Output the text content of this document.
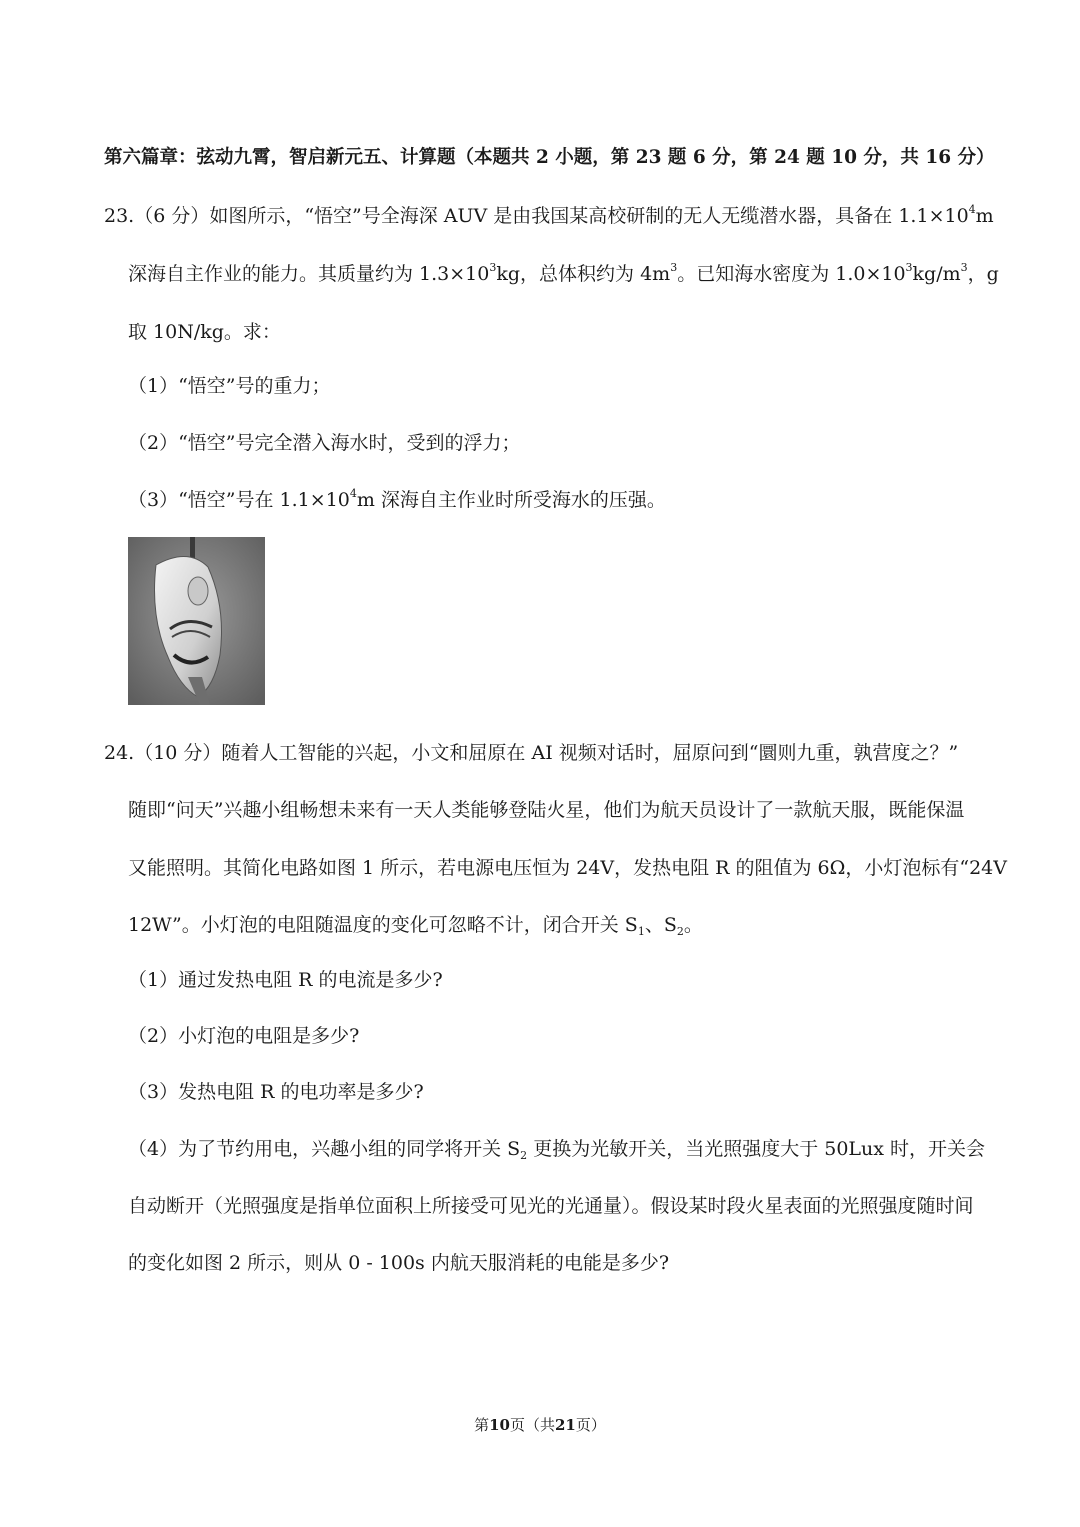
第六篇章：弦动九霄，智启新元五、计算题（本题共 2 小题，第 23 题 6 分，第 24 题 10 分，共 16 分）
23.（6 分）如图所示，“悟空”号全海深 AUV 是由我国某高校研制的无人无缆潜水器，具备在 $1.1\times 10^4m$
深海自主作业的能力。其质量约为 $1.3\times 10^3kg$，总体积约为 $4m^3$。已知海水密度为 $1.0\times 10^3kg/m^3$，g
取 10N/kg。求：
（1）“悟空”号的重力；
（2）“悟空”号完全潜入海水时，受到的浮力；
（3）“悟空”号在 $1.1\times 10^4m$ 深海自主作业时所受海水的压强。
24.（10 分）随着人工智能的兴起，小文和屈原在 AI 视频对话时，屈原问到“圜则九重，孰营度之？”
随即“问天”兴趣小组畅想未来有一天人类能够登陆火星，他们为航天员设计了一款航天服，既能保温
又能照明。其简化电路如图 1 所示，若电源电压恒为 24V，发热电阻 R 的阻值为 6Ω，小灯泡标有“24V
12W”。小灯泡的电阻随温度的变化可忽略不计，闭合开关 $S_1$、$S_2$。
（1）通过发热电阻 R 的电流是多少?
（2）小灯泡的电阻是多少?
（3）发热电阻 R 的电功率是多少?
（4）为了节约用电，兴趣小组的同学将开关 $S_2$ 更换为光敏开关，当光照强度大于 50Lux 时，开关会
自动断开（光照强度是指单位面积上所接受可见光的光通量）。假设某时段火星表面的光照强度随时间
的变化如图 2 所示，则从 0 - 100s 内航天服消耗的电能是多少?
第10页（共21页）
